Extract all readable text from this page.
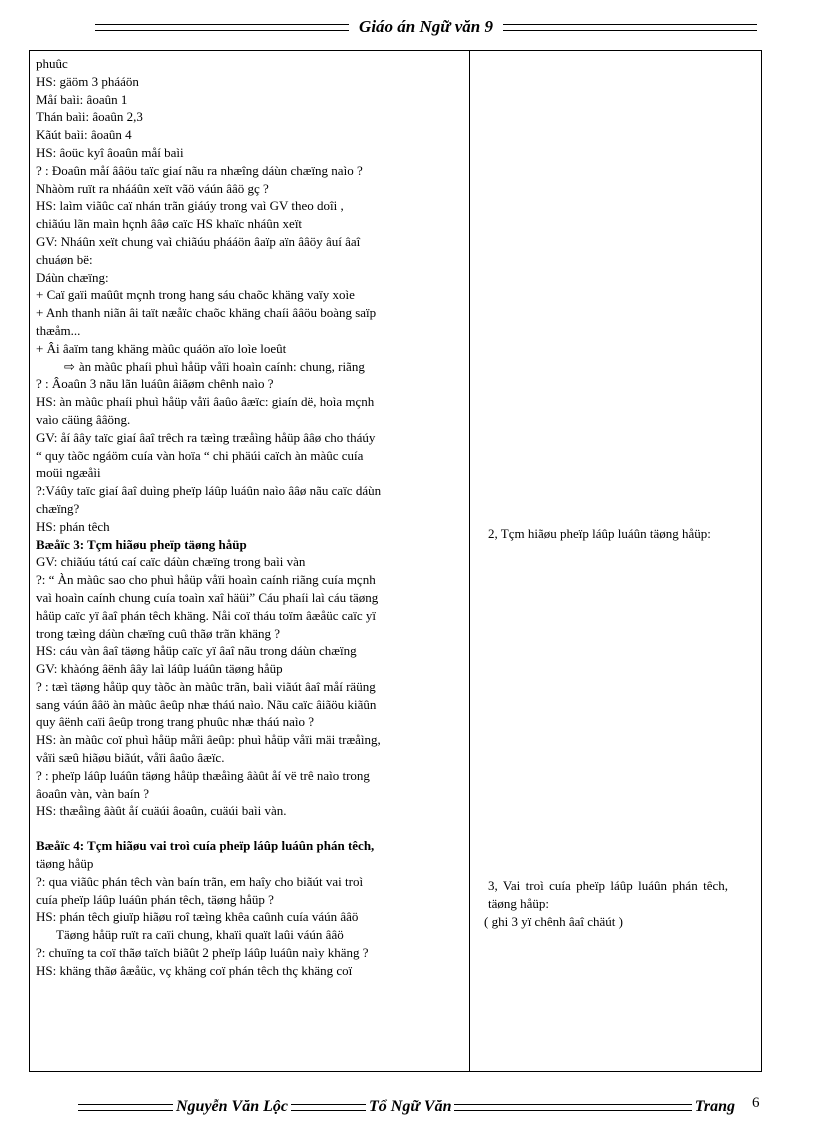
Giáo án Ngữ văn 9
phuûc
HS: gäöm 3 phááön
Måí baìi: âoaûn 1
Thán baìi: âoaûn 2,3
Kãút baìi: âoaûn 4
HS: âoüc kyî âoaûn måí baìi
? : Ðoaûn måí ââöu taïc giaí nãu ra nhæîng dáùn chæïng naìo ?
Nhàòm ruït ra nhááûn xeït vãö váún ââö gç ?
HS: laìm viãûc caï nhán trãn giáúy trong vaì GV theo doîi ,
chiãúu lãn maìn hçnh ââø caïc HS khaïc nháûn xeït
GV: Nháûn xeït chung vaì chiãúu phááön âaïp aïn ââöy âuí âaî
chuáøn bë:
Dáùn chæïng:
+ Caï gaïi maûût mçnh trong hang sáu chaõc khäng vaïy xoìe
+ Anh thanh niãn âi taït næåïc chaõc khäng chaíi ââöu boàng saïp
thæåm...
+ Âi âaïm tang khäng màûc quáön aïo loìe loeût
⇨ àn màûc phaíi phuì håüp våïi hoaìn caính: chung, riãng
? : Âoaûn 3 nãu lãn luáûn âiãøm chênh naìo ?
HS: àn màûc phaíi phuì håüp våïi âaûo âæïc: giaín dë, hoìa mçnh
vaìo cäüng ââöng.
GV: åí âây taïc giaí âaî trêch ra tæìng træåìng håüp ââø cho tháúy
“ quy tàõc ngáöm cuía vàn hoïa “ chi phäúi caïch àn màûc cuía
moüi ngæåìi
?:Váûy taïc giaí âaî duìng pheïp láûp luáûn naìo ââø nãu caïc dáùn
chæïng?
HS: phán têch
Bæåïc 3: Tçm hiãøu pheïp täøng håüp
GV: chiãúu tátú caí caïc dáùn chæïng trong baìi vàn
?: “ Àn màûc sao cho phuì håüp våïi hoaìn caính riãng cuía mçnh
vaì hoaìn caính chung cuía toaìn xaî häüi” Cáu phaíi laì cáu täøng
håüp caïc yï âaî phán têch khäng. Nåi coï tháu toïm âæåüc caïc yï
trong tæìng dáùn chæïng cuû thãø trãn khäng ?
HS: cáu vàn âaî täøng håüp caïc yï âaî nãu trong dáùn chæïng
GV: khàóng âënh âây laì láûp luáûn täøng håüp
? : tæì täøng håüp quy tàõc àn màûc trãn, baìi viãút âaî måí räüng
sang váún ââö àn màûc âeûp nhæ tháú naìo. Nãu caïc âiãöu kiãûn
quy âënh caïi âeûp trong trang phuûc nhæ tháú naìo ?
HS: àn màûc coï phuì håüp måïi âeûp: phuì håüp våïi mäi træåìng,
våïi sæû hiãøu biãút, våïi âaûo âæïc.
? : pheïp láûp luáûn täøng håüp thæåìng âàût åí vë trê naìo trong
âoaûn vàn, vàn baín ?
HS: thæåìng âàût åí cuäúi âoaûn, cuäúi baìi vàn.
Bæåïc 4: Tçm hiãøu vai troì cuía pheïp láûp luáûn phán têch,
täøng håüp
?: qua viãûc phán têch vàn baín trãn, em haîy cho biãút vai troì
cuía pheïp láûp luáûn phán têch, täøng håüp ?
HS: phán têch giuïp hiãøu roî tæìng khêa caûnh cuía váún ââö
Täøng håüp ruït ra caïi chung, khaïi quaït laûi váún ââö
?: chuïng ta coï thãø taïch biãût 2 pheïp láûp luáûn naìy khäng ?
HS: khäng thãø âæåüc, vç khäng coï phán têch thç khäng coï

2, Tçm hiãøu pheïp láûp luáûn täøng håüp:
3, Vai troì cuía pheïp láûp luáûn phán têch, täøng håüp:
( ghi 3 yï chênh âaî chäút )
Nguyễn Văn Lộc	Tổ Ngữ Văn	Trang 6
